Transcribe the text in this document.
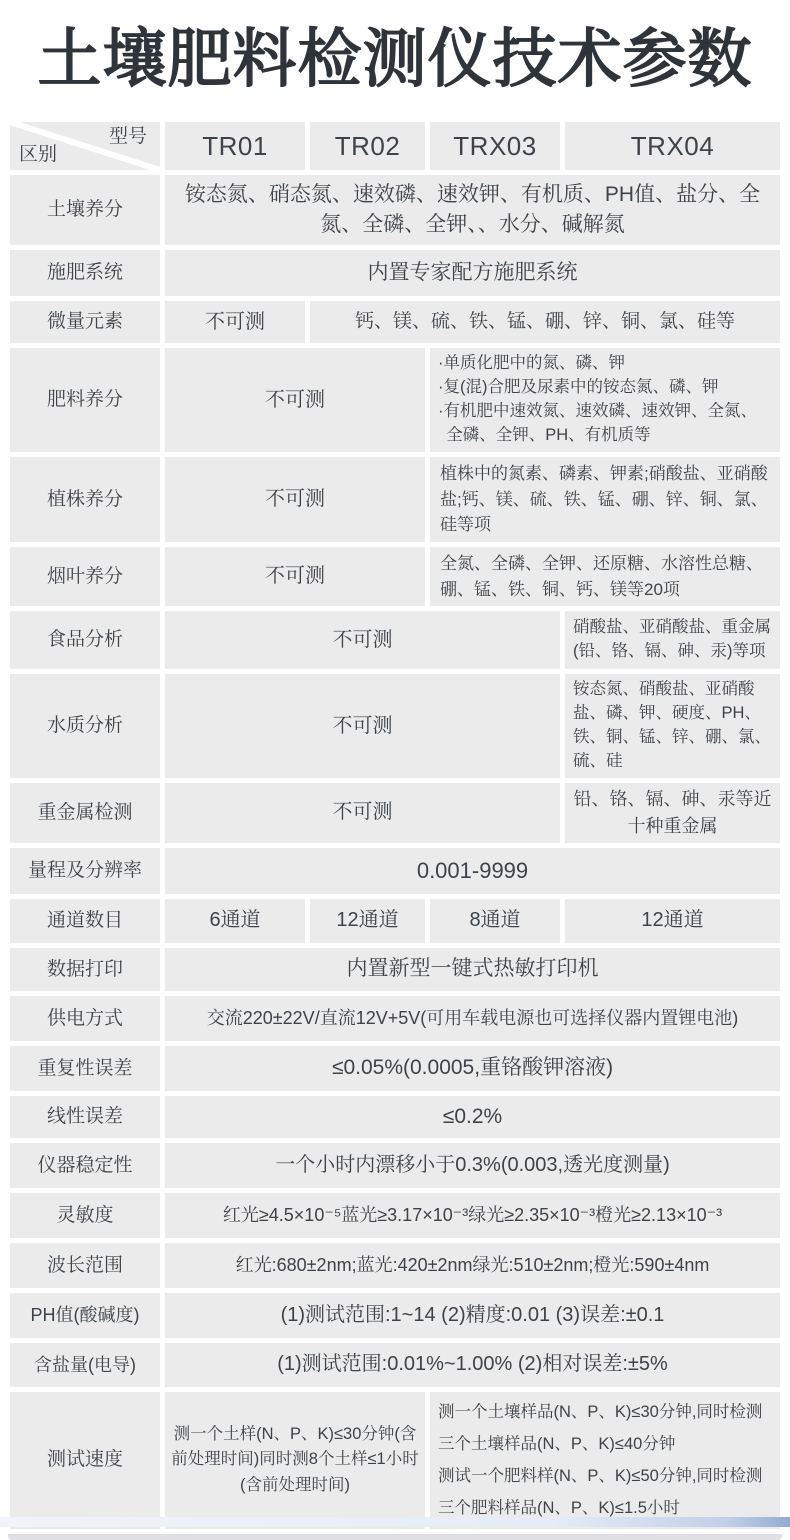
土壤肥料检测仪技术参数
型号
区别	TR01	TR02	TRX03	TRX04
土壤养分	铵态氮、硝态氮、速效磷、速效钾、有机质、PH值、盐分、全氮、全磷、全钾、、水分、碱解氮			
施肥系统	内置专家配方施肥系统			
微量元素	不可测	钙、镁、硫、铁、锰、硼、锌、铜、氯、硅等		
肥料养分	不可测		·单质化肥中的氮、磷、钾
·复(混)合肥及尿素中的铵态氮、磷、钾
·有机肥中速效氮、速效磷、速效钾、全氮、全磷、全钾、PH、有机质等	

植株养分	不可测		植株中的氮素、磷素、钾素;硝酸盐、亚硝酸盐;钙、镁、硫、铁、锰、硼、锌、铜、氯、硅等项	
烟叶养分	不可测		全氮、全磷、全钾、还原糖、水溶性总糖、硼、锰、铁、铜、钙、镁等20项	
食品分析	不可测			硝酸盐、亚硝酸盐、重金属(铅、铬、镉、砷、汞)等项
水质分析	不可测			铵态氮、硝酸盐、亚硝酸盐、磷、钾、硬度、PH、铁、铜、锰、锌、硼、氯、硫、硅
重金属检测	不可测			铅、铬、镉、砷、汞等近十种重金属
量程及分辨率	0.001-9999			
通道数目	6通道	12通道	8通道	12通道
数据打印	内置新型一键式热敏打印机			
供电方式	交流220±22V/直流12V+5V(可用车载电源也可选择仪器内置锂电池)			
重复性误差	≤0.05%(0.0005,重铬酸钾溶液)			
线性误差	≤0.2%			
仪器稳定性	一个小时内漂移小于0.3%(0.003,透光度测量)			
灵敏度	红光≥4.5×10⁻⁵蓝光≥3.17×10⁻³绿光≥2.35×10⁻³橙光≥2.13×10⁻³			
波长范围	红光:680±2nm;蓝光:420±2nm绿光:510±2nm;橙光:590±4nm			
PH值(酸碱度)	(1)测试范围:1~14 (2)精度:0.01 (3)误差:±0.1			
含盐量(电导)	(1)测试范围:0.01%~1.00% (2)相对误差:±5%			
测试速度	测一个土样(N、P、K)≤30分钟(含前处理时间)同时测8个土样≤1小时(含前处理时间)		测一个土壤样品(N、P、K)≤30分钟,同时检测三个土壤样品(N、P、K)≤40分钟
测试一个肥料样(N、P、K)≤50分钟,同时检测三个肥料样品(N、P、K)≤1.5小时	
